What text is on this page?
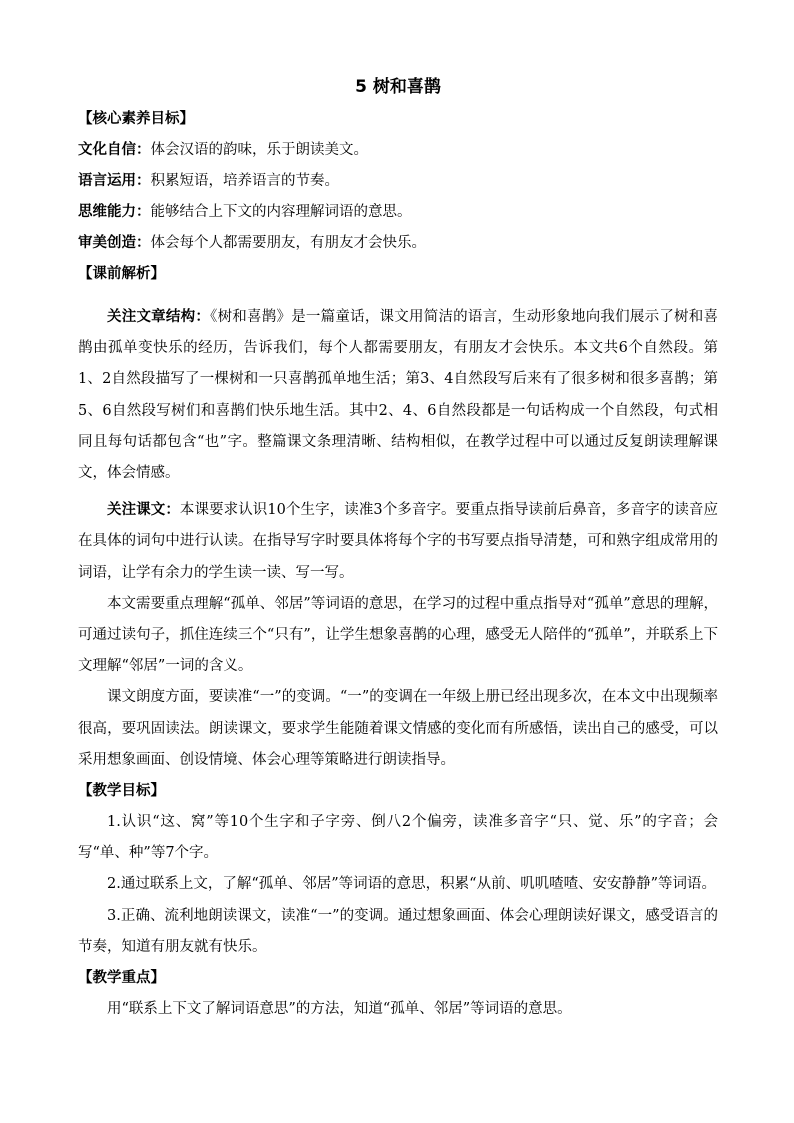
5 树和喜鹊
【核心素养目标】
文化自信：体会汉语的韵味，乐于朗读美文。
语言运用：积累短语，培养语言的节奏。
思维能力：能够结合上下文的内容理解词语的意思。
审美创造：体会每个人都需要朋友，有朋友才会快乐。
【课前解析】

关注文章结构：《树和喜鹊》是一篇童话，课文用简洁的语言，生动形象地向我们展示了树和喜鹊由孤单变快乐的经历，告诉我们，每个人都需要朋友，有朋友才会快乐。本文共6个自然段。第1、2自然段描写了一棵树和一只喜鹊孤单地生活；第3、4自然段写后来有了很多树和很多喜鹊；第5、6自然段写树们和喜鹊们快乐地生活。其中2、4、6自然段都是一句话构成一个自然段，句式相同且每句话都包含“也”字。整篇课文条理清晰、结构相似，在教学过程中可以通过反复朗读理解课文，体会情感。

关注课文：本课要求认识10个生字，读准3个多音字。要重点指导读前后鼻音，多音字的读音应在具体的词句中进行认读。在指导写字时要具体将每个字的书写要点指导清楚，可和熟字组成常用的词语，让学有余力的学生读一读、写一写。

本文需要重点理解“孤单、邻居”等词语的意思，在学习的过程中重点指导对“孤单”意思的理解，可通过读句子，抓住连续三个“只有”，让学生想象喜鹊的心理，感受无人陪伴的“孤单”，并联系上下文理解“邻居”一词的含义。

课文朗度方面，要读准“一”的变调。“一”的变调在一年级上册已经出现多次，在本文中出现频率很高，要巩固读法。朗读课文，要求学生能随着课文情感的变化而有所感悟，读出自己的感受，可以采用想象画面、创设情境、体会心理等策略进行朗读指导。

【教学目标】

1.认识“这、窝”等10个生字和子字旁、倒八2个偏旁，读准多音字“只、觉、乐”的字音；会写“单、种”等7个字。

2.通过联系上文，了解“孤单、邻居”等词语的意思，积累“从前、叽叽喳喳、安安静静”等词语。

3.正确、流利地朗读课文，读准“一”的变调。通过想象画面、体会心理朗读好课文，感受语言的节奏，知道有朋友就有快乐。

【教学重点】

用“联系上下文了解词语意思”的方法，知道“孤单、邻居”等词语的意思。
